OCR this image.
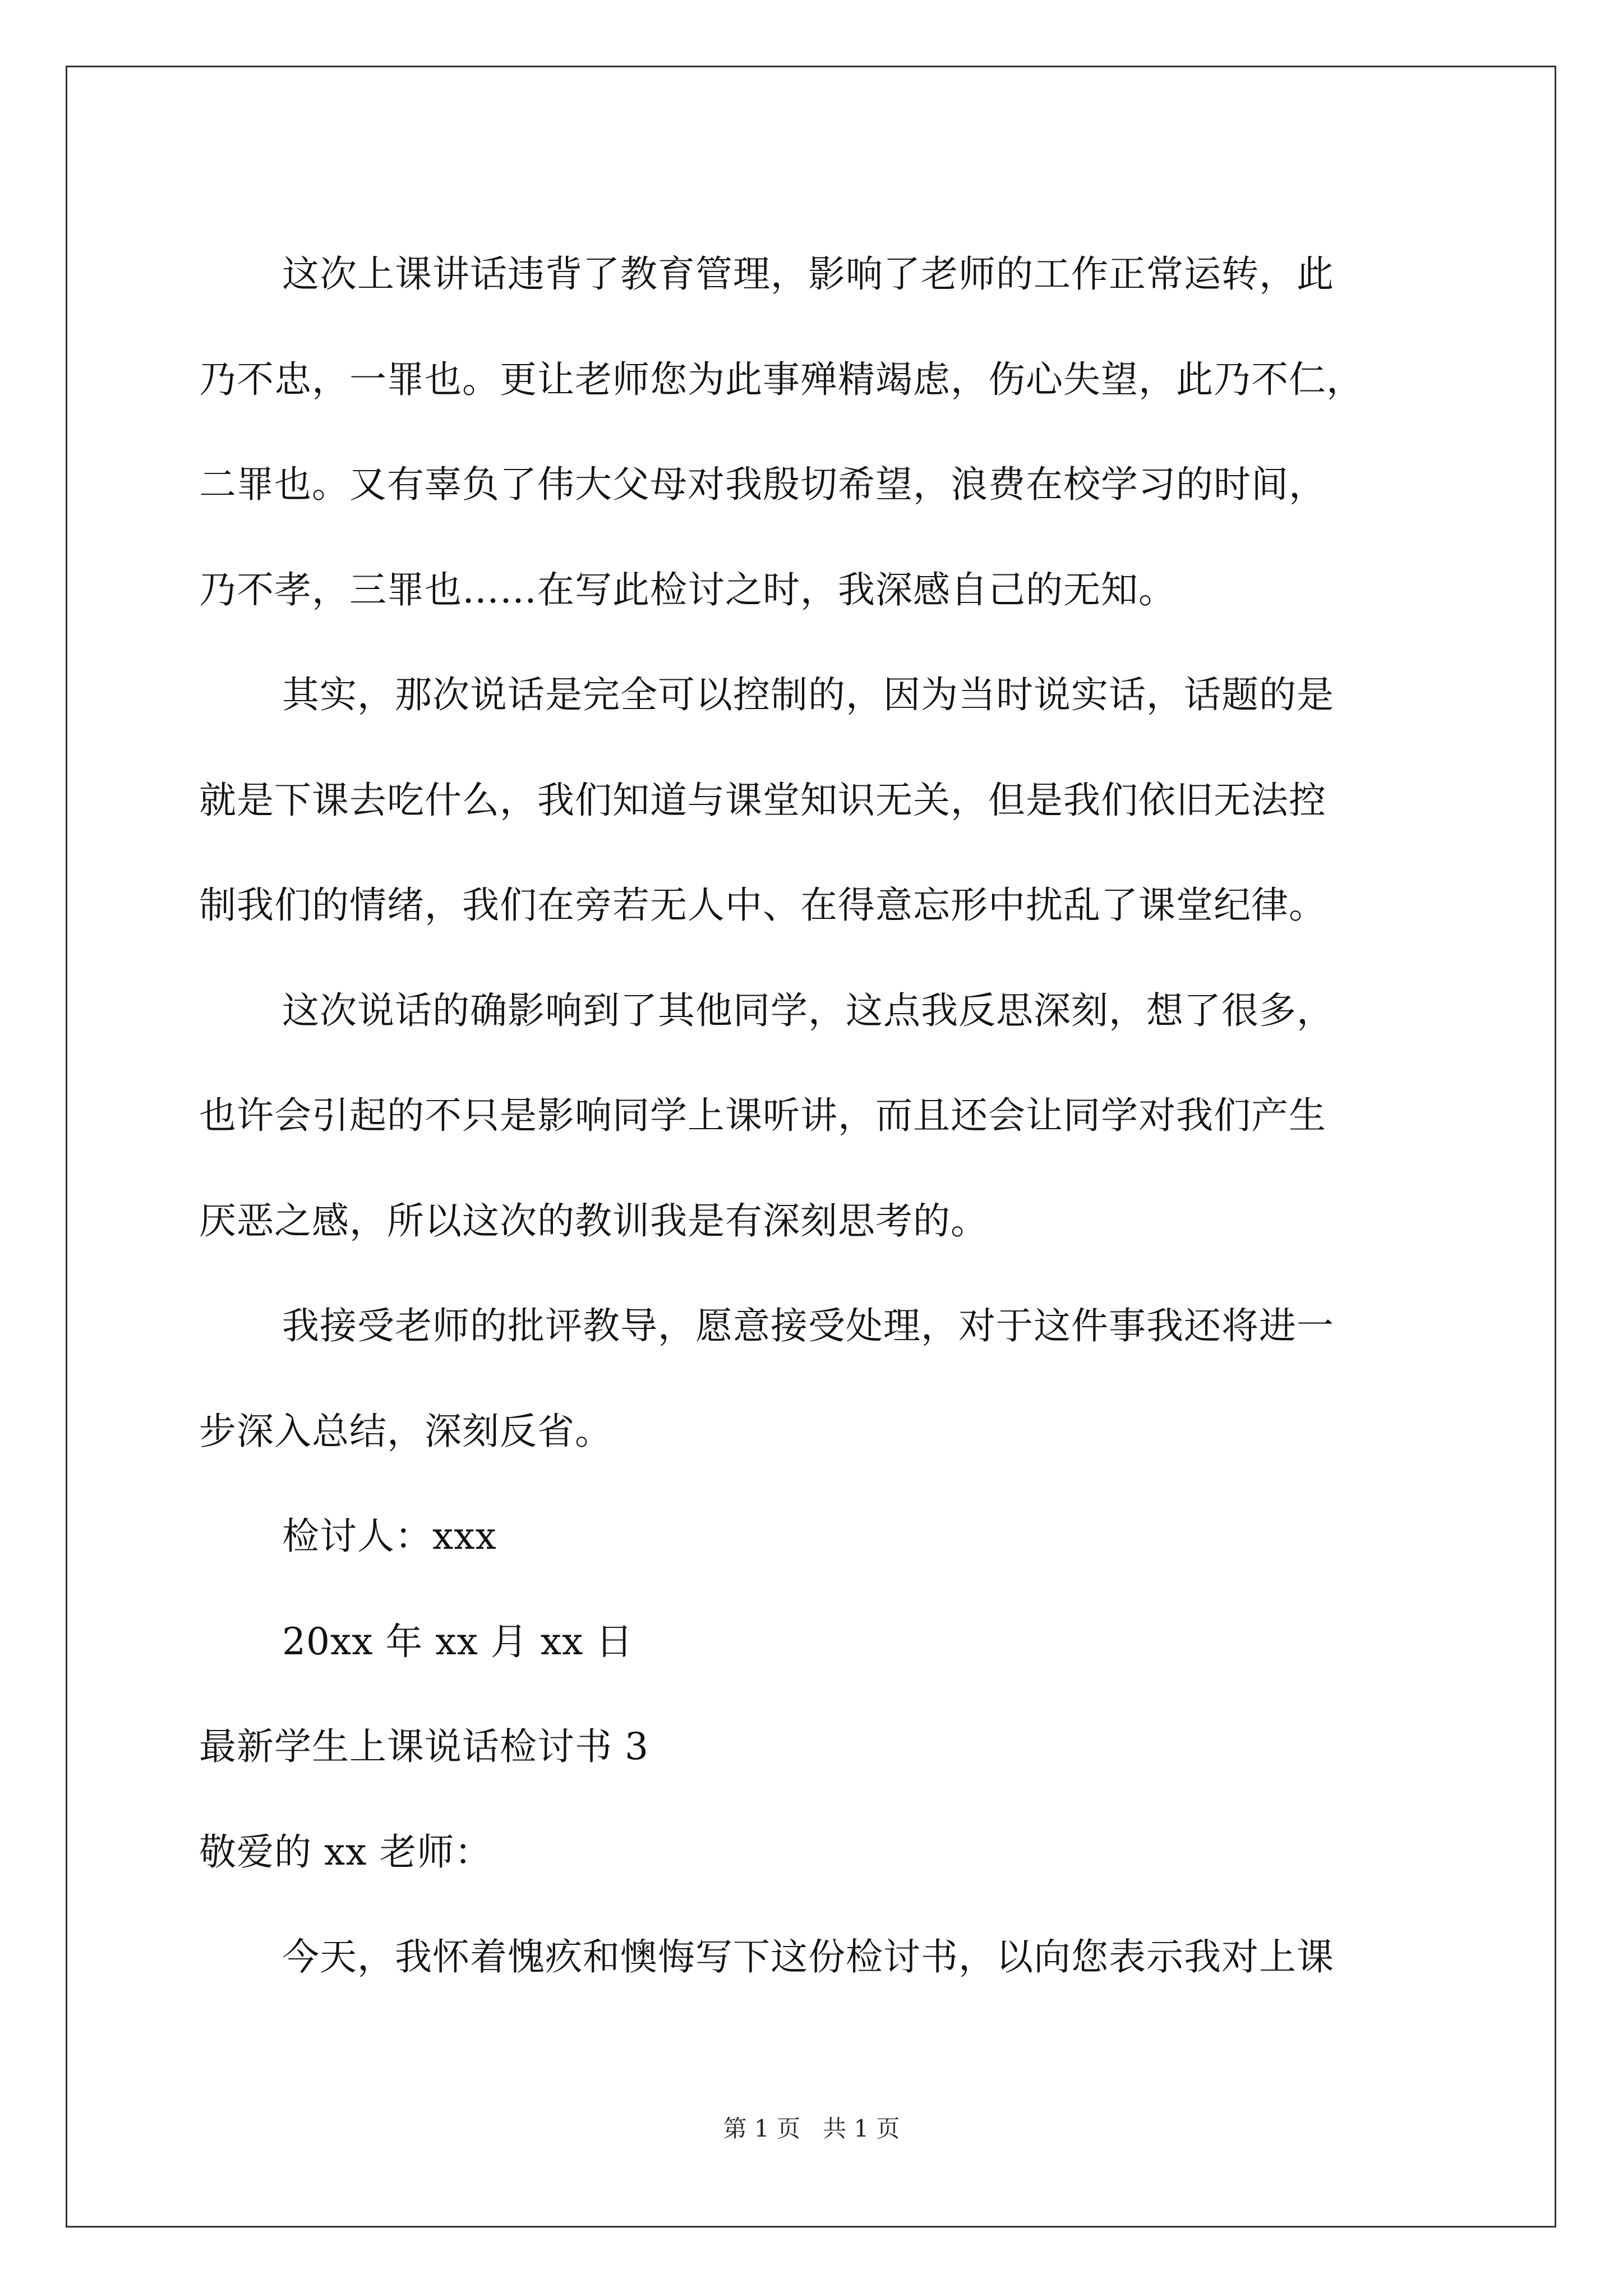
这次上课讲话违背了教育管理，影响了老师的工作正常运转，此

乃不忠，一罪也。更让老师您为此事殚精竭虑，伤心失望，此乃不仁，

二罪也。又有辜负了伟大父母对我殷切希望，浪费在校学习的时间，

乃不孝，三罪也……在写此检讨之时，我深感自己的无知。

其实，那次说话是完全可以控制的，因为当时说实话，话题的是

就是下课去吃什么，我们知道与课堂知识无关，但是我们依旧无法控

制我们的情绪，我们在旁若无人中、在得意忘形中扰乱了课堂纪律。

这次说话的确影响到了其他同学，这点我反思深刻，想了很多，

也许会引起的不只是影响同学上课听讲，而且还会让同学对我们产生

厌恶之感，所以这次的教训我是有深刻思考的。

我接受老师的批评教导，愿意接受处理，对于这件事我还将进一

步深入总结，深刻反省。

检讨人：xxx

20xx 年 xx 月 xx 日

最新学生上课说话检讨书 3

敬爱的 xx 老师：

今天，我怀着愧疚和懊悔写下这份检讨书，以向您表示我对上课

第 1 页 共 1 页
